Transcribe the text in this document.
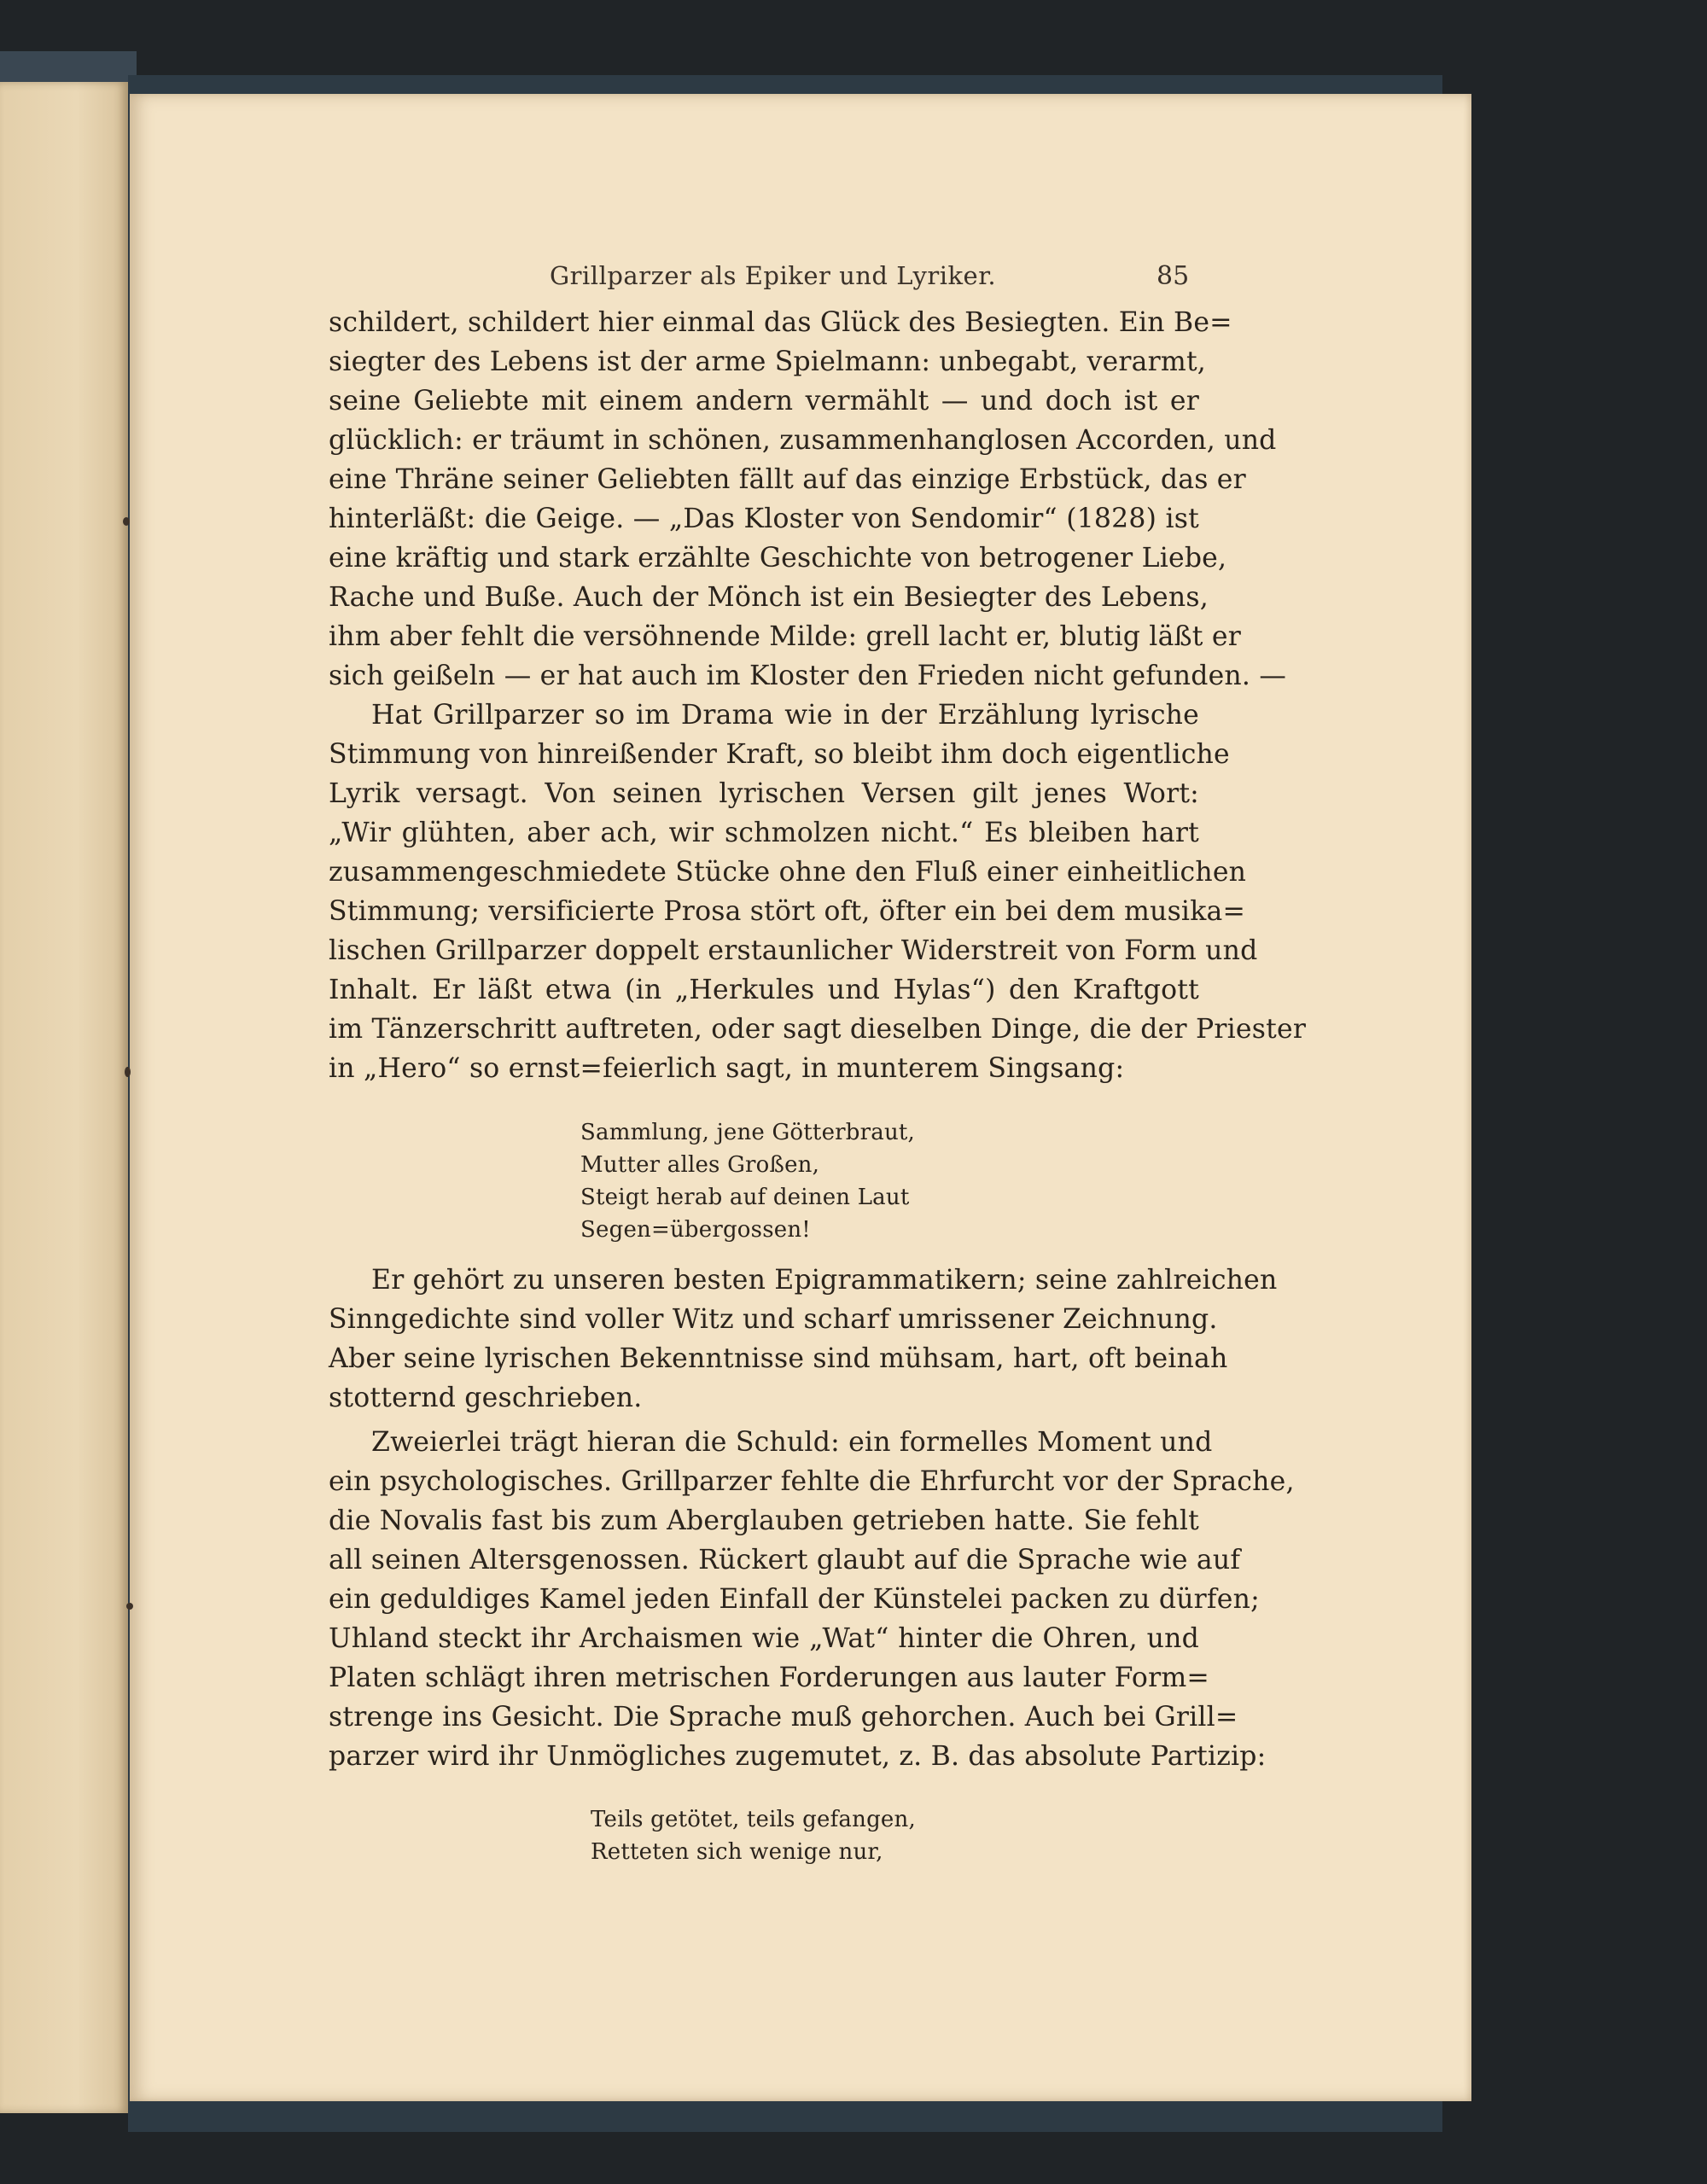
Grillparzer als Epiker und Lyriker.	85
schildert, schildert hier einmal das Glück des Besiegten. Ein Be=
siegter des Lebens ist der arme Spielmann: unbegabt, verarmt,
seine Geliebte mit einem andern vermählt — und doch ist er
glücklich: er träumt in schönen, zusammenhanglosen Accorden, und
eine Thräne seiner Geliebten fällt auf das einzige Erbstück, das er
hinterläßt: die Geige. — „Das Kloster von Sendomir“ (1828) ist
eine kräftig und stark erzählte Geschichte von betrogener Liebe,
Rache und Buße. Auch der Mönch ist ein Besiegter des Lebens,
ihm aber fehlt die versöhnende Milde: grell lacht er, blutig läßt er
sich geißeln — er hat auch im Kloster den Frieden nicht gefunden. —
Hat Grillparzer so im Drama wie in der Erzählung lyrische
Stimmung von hinreißender Kraft, so bleibt ihm doch eigentliche
Lyrik versagt. Von seinen lyrischen Versen gilt jenes Wort:
„Wir glühten, aber ach, wir schmolzen nicht.“ Es bleiben hart
zusammengeschmiedete Stücke ohne den Fluß einer einheitlichen
Stimmung; versificierte Prosa stört oft, öfter ein bei dem musika=
lischen Grillparzer doppelt erstaunlicher Widerstreit von Form und
Inhalt. Er läßt etwa (in „Herkules und Hylas“) den Kraftgott
im Tänzerschritt auftreten, oder sagt dieselben Dinge, die der Priester
in „Hero“ so ernst=feierlich sagt, in munterem Singsang:
Sammlung, jene Götterbraut,
Mutter alles Großen,
Steigt herab auf deinen Laut
Segen=übergossen!
Er gehört zu unseren besten Epigrammatikern; seine zahlreichen
Sinngedichte sind voller Witz und scharf umrissener Zeichnung.
Aber seine lyrischen Bekenntnisse sind mühsam, hart, oft beinah
stotternd geschrieben.
Zweierlei trägt hieran die Schuld: ein formelles Moment und
ein psychologisches. Grillparzer fehlte die Ehrfurcht vor der Sprache,
die Novalis fast bis zum Aberglauben getrieben hatte. Sie fehlt
all seinen Altersgenossen. Rückert glaubt auf die Sprache wie auf
ein geduldiges Kamel jeden Einfall der Künstelei packen zu dürfen;
Uhland steckt ihr Archaismen wie „Wat“ hinter die Ohren, und
Platen schlägt ihren metrischen Forderungen aus lauter Form=
strenge ins Gesicht. Die Sprache muß gehorchen. Auch bei Grill=
parzer wird ihr Unmögliches zugemutet, z. B. das absolute Partizip:
Teils getötet, teils gefangen,
Retteten sich wenige nur,
